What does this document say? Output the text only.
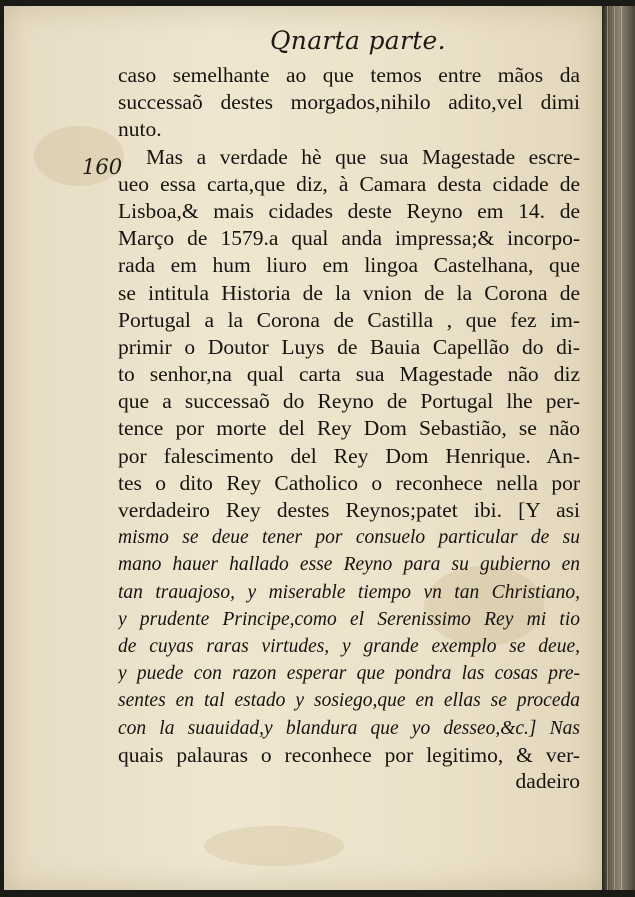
Qnarta parte.
160
caso semelhante ao que temos entre mãos da
successaõ destes morgados,nihilo adito,vel dimi
nuto.
Mas a verdade hè que sua Magestade escre-
ueo essa carta,que diz, à Camara desta cidade de
Lisboa,& mais cidades deste Reyno em 14. de
Março de 1579.a qual anda impressa;& incorpo-
rada em hum liuro em lingoa Castelhana, que
se intitula Historia de la vnion de la Corona de
Portugal a la Corona de Castilla , que fez im-
primir o Doutor Luys de Bauia Capellão do di-
to senhor,na qual carta sua Magestade não diz
que a successaõ do Reyno de Portugal lhe per-
tence por morte del Rey Dom Sebastião, se não
por falescimento del Rey Dom Henrique. An-
tes o dito Rey Catholico o reconhece nella por
verdadeiro Rey destes Reynos;patet ibi. [Y asi
mismo se deue tener por consuelo particular de su
mano hauer hallado esse Reyno para su gubierno en
tan trauajoso, y miserable tiempo vn tan Christiano,
y prudente Principe,como el Serenissimo Rey mi tio
de cuyas raras virtudes, y grande exemplo se deue,
y puede con razon esperar que pondra las cosas pre-
sentes en tal estado y sosiego,que en ellas se proceda
con la suauidad,y blandura que yo desseo,&c.] Nas
quais palauras o reconhece por legitimo, & ver-
dadeiro
